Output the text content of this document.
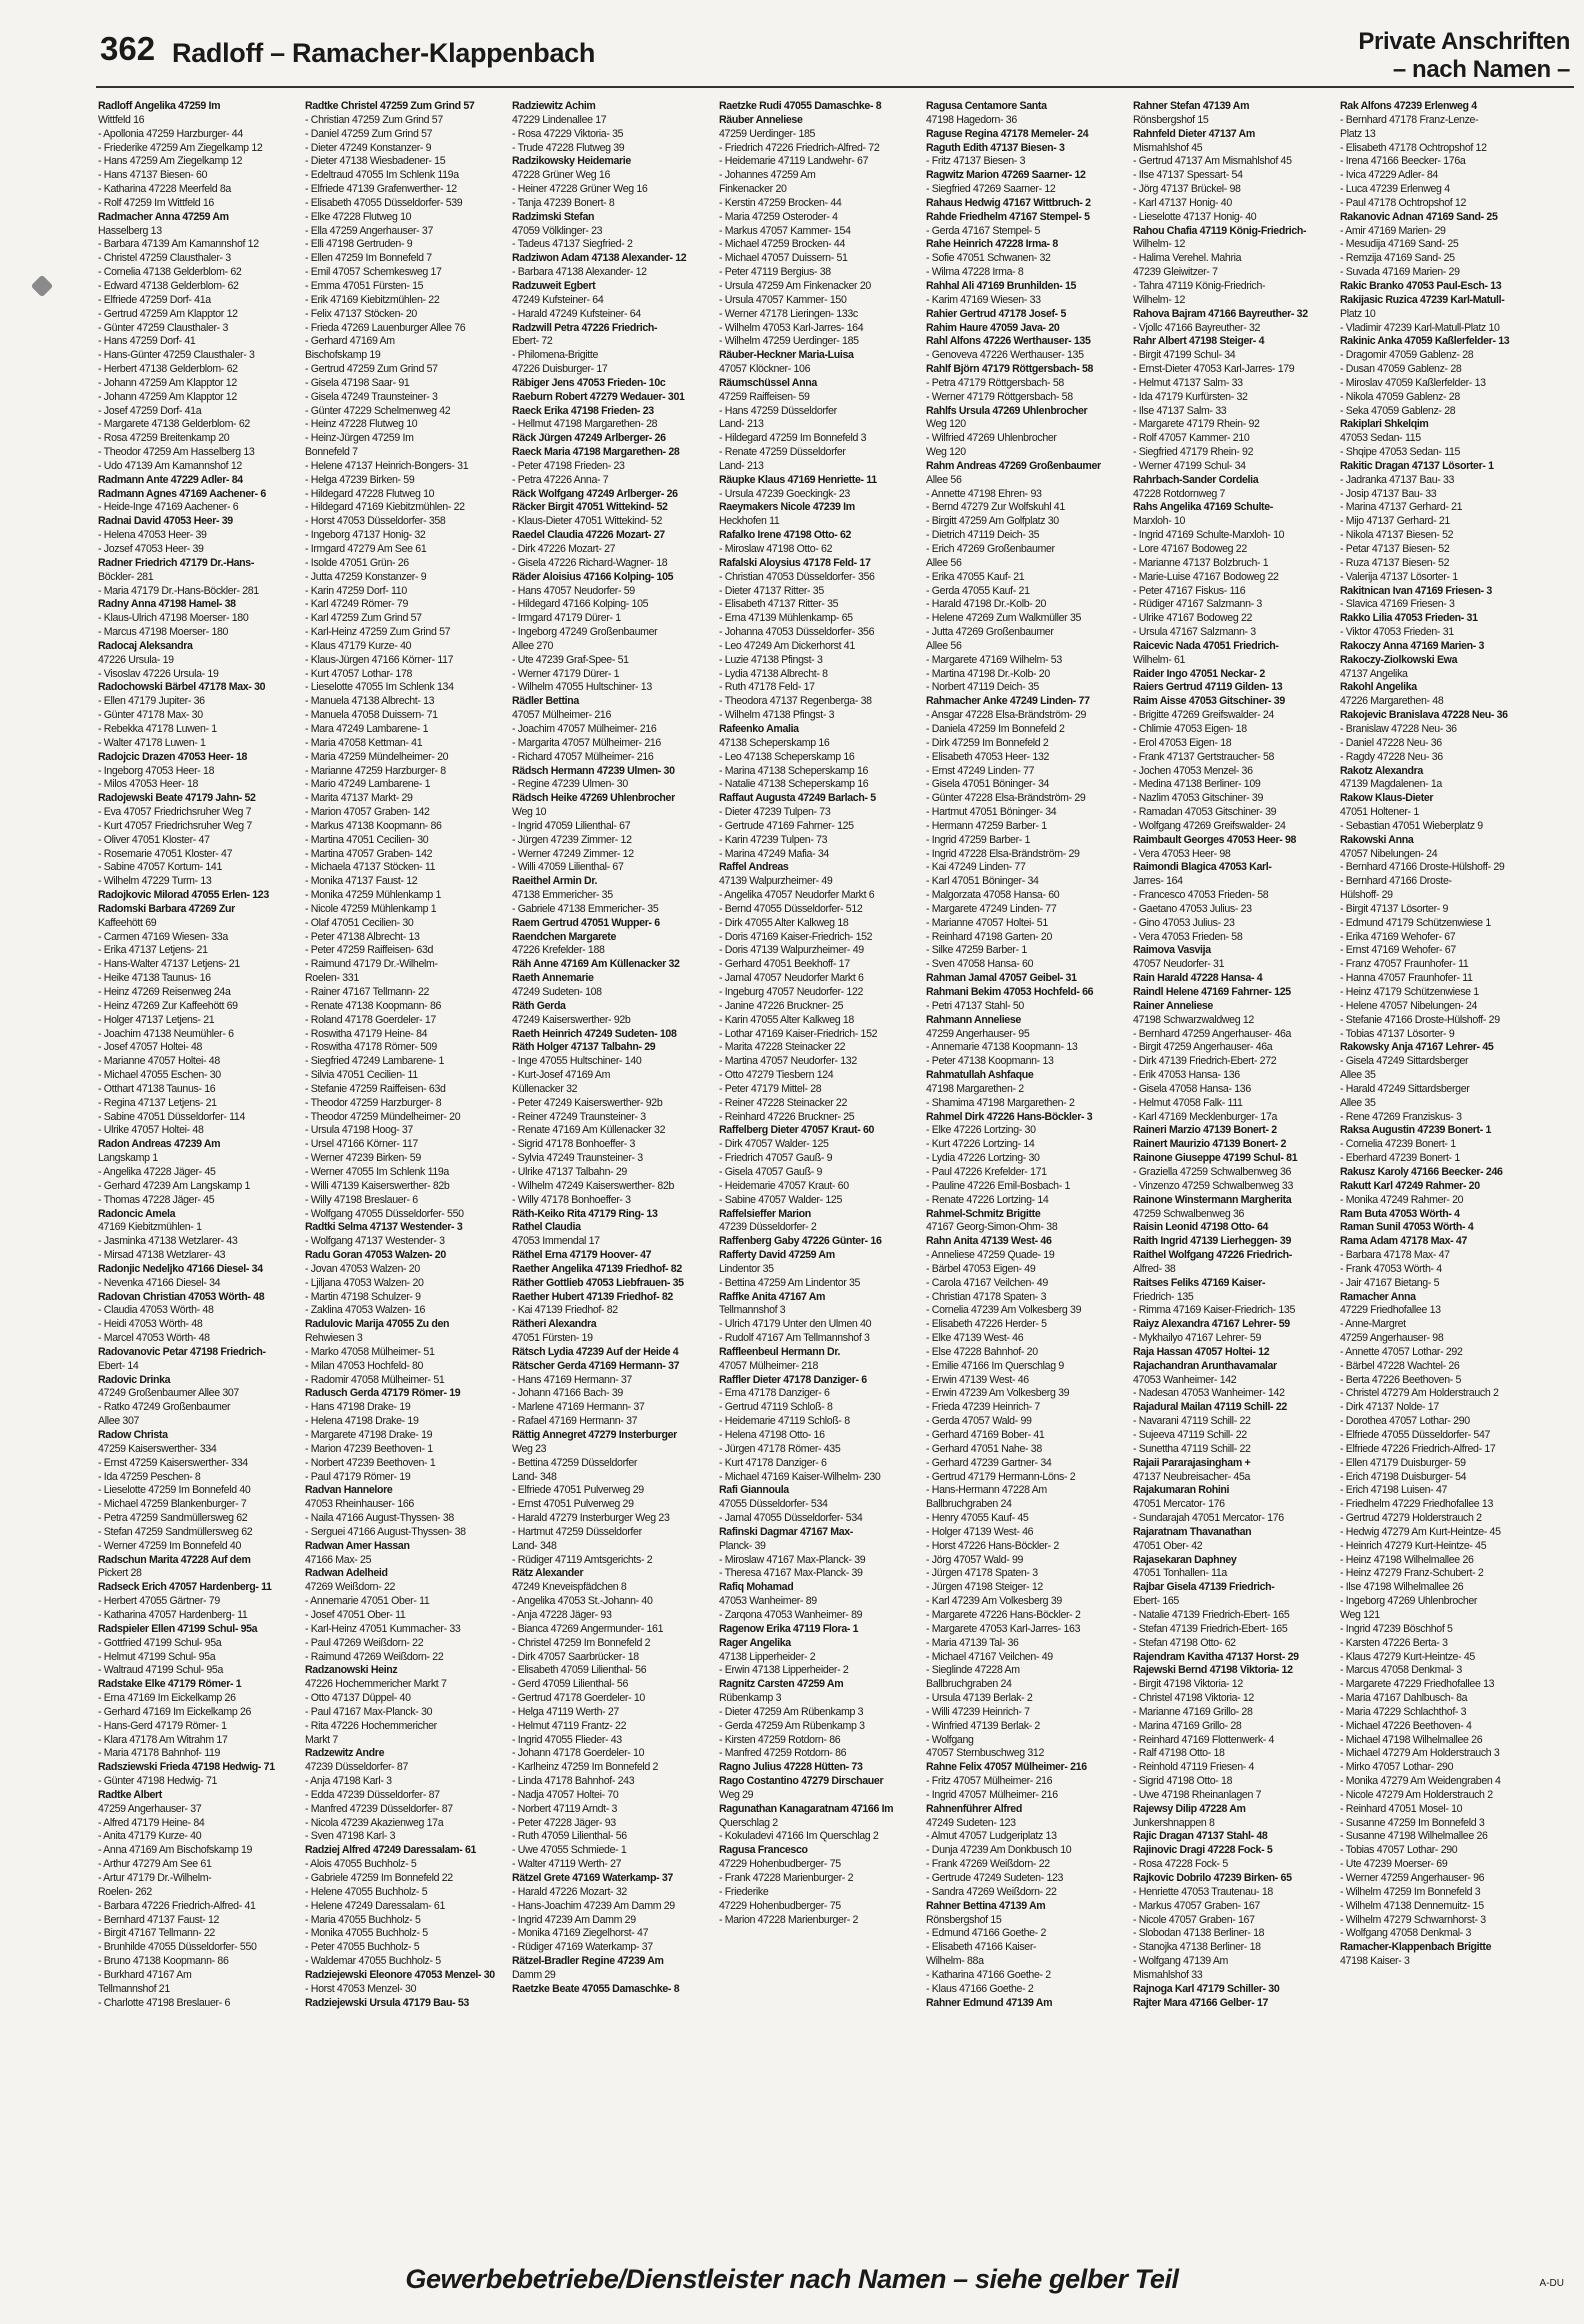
362 Radloff – Ramacher-Klappenbach	Private Anschriften
– nach Namen –
Radloff Angelika 47259 Im
Wittfeld 16
- Apollonia 47259 Harzburger- 44
- Friederike 47259 Am Ziegelkamp 12
- Hans 47259 Am Ziegelkamp 12
- Hans 47137 Biesen- 60
- Katharina 47228 Meerfeld 8a
- Rolf 47259 Im Wittfeld 16
Radmacher Anna 47259 Am
Hasselberg 13
- Barbara 47139 Am Kamannshof 12
- Christel 47259 Clausthaler- 3
- Cornelia 47138 Gelderblom- 62
- Edward 47138 Gelderblom- 62
- Elfriede 47259 Dorf- 41a
- Gertrud 47259 Am Klapptor 12
- Günter 47259 Clausthaler- 3
- Hans 47259 Dorf- 41
- Hans-Günter 47259 Clausthaler- 3
- Herbert 47138 Gelderblom- 62
- Johann 47259 Am Klapptor 12
- Johann 47259 Am Klapptor 12
- Josef 47259 Dorf- 41a
- Margarete 47138 Gelderblom- 62
- Rosa 47259 Breitenkamp 20
- Theodor 47259 Am Hasselberg 13
- Udo 47139 Am Kamannshof 12
Radmann Ante 47229 Adler- 84
Radmann Agnes 47169 Aachener- 6
- Heide-Inge 47169 Aachener- 6
Radnai David 47053 Heer- 39
- Helena 47053 Heer- 39
- Jozsef 47053 Heer- 39
Radner Friedrich 47179 Dr.-Hans-
Böckler- 281
- Maria 47179 Dr.-Hans-Böckler- 281
Radny Anna 47198 Hamel- 38
- Klaus-Ulrich 47198 Moerser- 180
- Marcus 47198 Moerser- 180
Radocaj Aleksandra
47226 Ursula- 19
- Visoslav 47226 Ursula- 19
Radochowski Bärbel 47178 Max- 30
- Ellen 47179 Jupiter- 36
- Günter 47178 Max- 30
- Rebekka 47178 Luwen- 1
- Walter 47178 Luwen- 1
Radojcic Drazen 47053 Heer- 18
- Ingeborg 47053 Heer- 18
- Milos 47053 Heer- 18
Radojewski Beate 47179 Jahn- 52
- Eva 47057 Friedrichsruher Weg 7
- Kurt 47057 Friedrichsruher Weg 7
- Oliver 47051 Kloster- 47
- Rosemarie 47051 Kloster- 47
- Sabine 47057 Kortum- 141
- Wilhelm 47229 Turm- 13
Radojkovic Milorad 47055 Erlen- 123
Radomski Barbara 47269 Zur
Kaffeehött 69
- Carmen 47169 Wiesen- 33a
- Erika 47137 Letjens- 21
- Hans-Walter 47137 Letjens- 21
- Heike 47138 Taunus- 16
- Heinz 47269 Reisenweg 24a
- Heinz 47269 Zur Kaffeehött 69
- Holger 47137 Letjens- 21
- Joachim 47138 Neumühler- 6
- Josef 47057 Holtei- 48
- Marianne 47057 Holtei- 48
- Michael 47055 Eschen- 30
- Otthart 47138 Taunus- 16
- Regina 47137 Letjens- 21
- Sabine 47051 Düsseldorfer- 114
- Ulrike 47057 Holtei- 48
Radon Andreas 47239 Am
Langskamp 1
- Angelika 47228 Jäger- 45
- Gerhard 47239 Am Langskamp 1
- Thomas 47228 Jäger- 45
Radoncic Amela
47169 Kiebitzmühlen- 1
- Jasminka 47138 Wetzlarer- 43
- Mirsad 47138 Wetzlarer- 43
Radonjic Nedeljko 47166 Diesel- 34
- Nevenka 47166 Diesel- 34
Radovan Christian 47053 Wörth- 48
- Claudia 47053 Wörth- 48
- Heidi 47053 Wörth- 48
- Marcel 47053 Wörth- 48
Radovanovic Petar 47198 Friedrich-
Ebert- 14
Radovic Drinka
47249 Großenbaumer Allee 307
- Ratko 47249 Großenbaumer
Allee 307
Radow Christa
47259 Kaiserswerther- 334
- Ernst 47259 Kaiserswerther- 334
- Ida 47259 Peschen- 8
- Lieselotte 47259 Im Bonnefeld 40
- Michael 47259 Blankenburger- 7
- Petra 47259 Sandmüllersweg 62
- Stefan 47259 Sandmüllersweg 62
- Werner 47259 Im Bonnefeld 40
Radschun Marita 47228 Auf dem
Pickert 28
Radseck Erich 47057 Hardenberg- 11
- Herbert 47055 Gärtner- 79
- Katharina 47057 Hardenberg- 11
Radspieler Ellen 47199 Schul- 95a
- Gottfried 47199 Schul- 95a
- Helmut 47199 Schul- 95a
- Waltraud 47199 Schul- 95a
Radstake Elke 47179 Römer- 1
- Erna 47169 Im Eickelkamp 26
- Gerhard 47169 Im Eickelkamp 26
- Hans-Gerd 47179 Römer- 1
- Klara 47178 Am Witrahm 17
- Maria 47178 Bahnhof- 119
Radsziewski Frieda 47198 Hedwig- 71
- Günter 47198 Hedwig- 71
Radtke Albert
47259 Angerhauser- 37
- Alfred 47179 Heine- 84
- Anita 47179 Kurze- 40
- Anna 47169 Am Bischofskamp 19
- Arthur 47279 Am See 61
- Artur 47179 Dr.-Wilhelm-
Roelen- 262
- Barbara 47226 Friedrich-Alfred- 41
- Bernhard 47137 Faust- 12
- Birgit 47167 Tellmann- 22
- Brunhilde 47055 Düsseldorfer- 550
- Bruno 47138 Koopmann- 86
- Burkhard 47167 Am
Tellmannshof 21
- Charlotte 47198 Breslauer- 6
Radtke Christel 47259 Zum Grind 57
- Christian 47259 Zum Grind 57
- Daniel 47259 Zum Grind 57
- Dieter 47249 Konstanzer- 9
- Dieter 47138 Wiesbadener- 15
- Edeltraud 47055 Im Schlenk 119a
- Elfriede 47139 Grafenwerther- 12
- Elisabeth 47055 Düsseldorfer- 539
- Elke 47228 Flutweg 10
- Ella 47259 Angerhauser- 37
- Elli 47198 Gertruden- 9
- Ellen 47259 Im Bonnefeld 7
- Emil 47057 Schemkesweg 17
- Emma 47051 Fürsten- 15
- Erik 47169 Kiebitzmühlen- 22
- Felix 47137 Stöcken- 20
- Frieda 47269 Lauenburger Allee 76
- Gerhard 47169 Am
Bischofskamp 19
- Gertrud 47259 Zum Grind 57
- Gisela 47198 Saar- 91
- Gisela 47249 Traunsteiner- 3
- Günter 47229 Schelmenweg 42
- Heinz 47228 Flutweg 10
- Heinz-Jürgen 47259 Im
Bonnefeld 7
- Helene 47137 Heinrich-Bongers- 31
- Helga 47239 Birken- 59
- Hildegard 47228 Flutweg 10
- Hildegard 47169 Kiebitzmühlen- 22
- Horst 47053 Düsseldorfer- 358
- Ingeborg 47137 Honig- 32
- Irmgard 47279 Am See 61
- Isolde 47051 Grün- 26
- Jutta 47259 Konstanzer- 9
- Karin 47259 Dorf- 110
- Karl 47249 Römer- 79
- Karl 47259 Zum Grind 57
- Karl-Heinz 47259 Zum Grind 57
- Klaus 47179 Kurze- 40
- Klaus-Jürgen 47166 Körner- 117
- Kurt 47057 Lothar- 178
- Lieselotte 47055 Im Schlenk 134
- Manuela 47138 Albrecht- 13
- Manuela 47058 Duissern- 71
- Mara 47249 Lambarene- 1
- Maria 47058 Kettman- 41
- Maria 47259 Mündelheimer- 20
- Marianne 47259 Harzburger- 8
- Mario 47249 Lambarene- 1
- Marita 47137 Markt- 29
- Marion 47057 Graben- 142
- Markus 47138 Koopmann- 86
- Martina 47051 Cecilien- 30
- Martina 47057 Graben- 142
- Michaela 47137 Stöcken- 11
- Monika 47137 Faust- 12
- Monika 47259 Mühlenkamp 1
- Nicole 47259 Mühlenkamp 1
- Olaf 47051 Cecilien- 30
- Peter 47138 Albrecht- 13
- Peter 47259 Raiffeisen- 63d
- Raimund 47179 Dr.-Wilhelm-
Roelen- 331
- Rainer 47167 Tellmann- 22
- Renate 47138 Koopmann- 86
- Roland 47178 Goerdeler- 17
- Roswitha 47179 Heine- 84
- Roswitha 47178 Römer- 509
- Siegfried 47249 Lambarene- 1
- Silvia 47051 Cecilien- 11
- Stefanie 47259 Raiffeisen- 63d
- Theodor 47259 Harzburger- 8
- Theodor 47259 Mündelheimer- 20
- Ursula 47198 Hoog- 37
- Ursel 47166 Körner- 117
- Werner 47239 Birken- 59
- Werner 47055 Im Schlenk 119a
- Willi 47139 Kaiserswerther- 82b
- Willy 47198 Breslauer- 6
- Wolfgang 47055 Düsseldorfer- 550
Radtki Selma 47137 Westender- 3
- Wolfgang 47137 Westender- 3
Radu Goran 47053 Walzen- 20
- Jovan 47053 Walzen- 20
- Ljiljana 47053 Walzen- 20
- Martin 47198 Schulzer- 9
- Zaklina 47053 Walzen- 16
Radulovic Marija 47055 Zu den
Rehwiesen 3
- Marko 47058 Mülheimer- 51
- Milan 47053 Hochfeld- 80
- Radomir 47058 Mülheimer- 51
Radusch Gerda 47179 Römer- 19
- Hans 47198 Drake- 19
- Helena 47198 Drake- 19
- Margarete 47198 Drake- 19
- Marion 47239 Beethoven- 1
- Norbert 47239 Beethoven- 1
- Paul 47179 Römer- 19
Radvan Hannelore
47053 Rheinhauser- 166
- Naila 47166 August-Thyssen- 38
- Serguei 47166 August-Thyssen- 38
Radwan Amer Hassan
47166 Max- 25
Radwan Adelheid
47269 Weißdorn- 22
- Annemarie 47051 Ober- 11
- Josef 47051 Ober- 11
- Karl-Heinz 47051 Kummacher- 33
- Paul 47269 Weißdorn- 22
- Raimund 47269 Weißdorn- 22
Radzanowski Heinz
47226 Hochemmericher Markt 7
- Otto 47137 Düppel- 40
- Paul 47167 Max-Planck- 30
- Rita 47226 Hochemmericher
Markt 7
Radzewitz Andre
47239 Düsseldorfer- 87
- Anja 47198 Karl- 3
- Edda 47239 Düsseldorfer- 87
- Manfred 47239 Düsseldorfer- 87
- Nicola 47239 Akazienweg 17a
- Sven 47198 Karl- 3
Radziej Alfred 47249 Daressalam- 61
- Alois 47055 Buchholz- 5
- Gabriele 47259 Im Bonnefeld 22
- Helene 47055 Buchholz- 5
- Helene 47249 Daressalam- 61
- Maria 47055 Buchholz- 5
- Monika 47055 Buchholz- 5
- Peter 47055 Buchholz- 5
- Waldemar 47055 Buchholz- 5
Radziejewski Eleonore 47053 Menzel- 30
- Horst 47053 Menzel- 30
Radziejewski Ursula 47179 Bau- 53
Radziewitz Achim
47229 Lindenallee 17
- Rosa 47229 Viktoria- 35
- Trude 47228 Flutweg 39
Radzikowsky Heidemarie
47228 Grüner Weg 16
- Heiner 47228 Grüner Weg 16
- Tanja 47239 Bonert- 8
Radzimski Stefan
47059 Völklinger- 23
- Tadeus 47137 Siegfried- 2
Radziwon Adam 47138 Alexander- 12
- Barbara 47138 Alexander- 12
Radzuweit Egbert
47249 Kufsteiner- 64
- Harald 47249 Kufsteiner- 64
Radzwill Petra 47226 Friedrich-
Ebert- 72
- Philomena-Brigitte
47226 Duisburger- 17
Räbiger Jens 47053 Frieden- 10c
Raeburn Robert 47279 Wedauer- 301
Raeck Erika 47198 Frieden- 23
- Hellmut 47198 Margarethen- 28
Räck Jürgen 47249 Arlberger- 26
Raeck Maria 47198 Margarethen- 28
- Peter 47198 Frieden- 23
- Petra 47226 Anna- 7
Räck Wolfgang 47249 Arlberger- 26
Räcker Birgit 47051 Wittekind- 52
- Klaus-Dieter 47051 Wittekind- 52
Raedel Claudia 47226 Mozart- 27
- Dirk 47226 Mozart- 27
- Gisela 47226 Richard-Wagner- 18
Räder Aloisius 47166 Kolping- 105
- Hans 47057 Neudorfer- 59
- Hildegard 47166 Kolping- 105
- Irmgard 47179 Dürer- 1
- Ingeborg 47249 Großenbaumer
Allee 270
- Ute 47239 Graf-Spee- 51
- Werner 47179 Dürer- 1
- Wilhelm 47055 Hultschiner- 13
Rädler Bettina
47057 Mülheimer- 216
- Joachim 47057 Mülheimer- 216
- Margarita 47057 Mülheimer- 216
- Richard 47057 Mülheimer- 216
Rädsch Hermann 47239 Ulmen- 30
- Regine 47239 Ulmen- 30
Rädsch Heike 47269 Uhlenbrocher
Weg 10
- Ingrid 47059 Lilienthal- 67
- Jürgen 47239 Zimmer- 12
- Werner 47249 Zimmer- 12
- Willi 47059 Lilienthal- 67
Raeithel Armin Dr.
47138 Emmericher- 35
- Gabriele 47138 Emmericher- 35
Raem Gertrud 47051 Wupper- 6
Raendchen Margarete
47226 Krefelder- 188
Räh Anne 47169 Am Küllenacker 32
Raeth Annemarie
47249 Sudeten- 108
Räth Gerda
47249 Kaiserswerther- 92b
Raeth Heinrich 47249 Sudeten- 108
Räth Holger 47137 Talbahn- 29
- Inge 47055 Hultschiner- 140
- Kurt-Josef 47169 Am
Küllenacker 32
- Peter 47249 Kaiserswerther- 92b
- Reiner 47249 Traunsteiner- 3
- Renate 47169 Am Küllenacker 32
- Sigrid 47178 Bonhoeffer- 3
- Sylvia 47249 Traunsteiner- 3
- Ulrike 47137 Talbahn- 29
- Wilhelm 47249 Kaiserswerther- 82b
- Willy 47178 Bonhoeffer- 3
Räth-Keiko Rita 47179 Ring- 13
Rathel Claudia
47053 Immendal 17
Räthel Erna 47179 Hoover- 47
Raether Angelika 47139 Friedhof- 82
Räther Gottlieb 47053 Liebfrauen- 35
Raether Hubert 47139 Friedhof- 82
- Kai 47139 Friedhof- 82
Rätheri Alexandra
47051 Fürsten- 19
Rätsch Lydia 47239 Auf der Heide 4
Rätscher Gerda 47169 Hermann- 37
- Hans 47169 Hermann- 37
- Johann 47166 Bach- 39
- Marlene 47169 Hermann- 37
- Rafael 47169 Hermann- 37
Rättig Annegret 47279 Insterburger
Weg 23
- Bettina 47259 Düsseldorfer
Land- 348
- Elfriede 47051 Pulverweg 29
- Ernst 47051 Pulverweg 29
- Harald 47279 Insterburger Weg 23
- Hartmut 47259 Düsseldorfer
Land- 348
- Rüdiger 47119 Amtsgerichts- 2
Rätz Alexander
47249 Kneveispfädchen 8
- Angelika 47053 St.-Johann- 40
- Anja 47228 Jäger- 93
- Bianca 47269 Angermunder- 161
- Christel 47259 Im Bonnefeld 2
- Dirk 47057 Saarbrücker- 18
- Elisabeth 47059 Lilienthal- 56
- Gerd 47059 Lilienthal- 56
- Gertrud 47178 Goerdeler- 10
- Helga 47119 Werth- 27
- Helmut 47119 Frantz- 22
- Ingrid 47055 Flieder- 43
- Johann 47178 Goerdeler- 10
- Karlheinz 47259 Im Bonnefeld 2
- Linda 47178 Bahnhof- 243
- Nadja 47057 Holtei- 70
- Norbert 47119 Arndt- 3
- Peter 47228 Jäger- 93
- Ruth 47059 Lilienthal- 56
- Uwe 47055 Schmiede- 1
- Walter 47119 Werth- 27
Rätzel Grete 47169 Waterkamp- 37
- Harald 47226 Mozart- 32
- Hans-Joachim 47239 Am Damm 29
- Ingrid 47239 Am Damm 29
- Monika 47169 Ziegelhorst- 47
- Rüdiger 47169 Waterkamp- 37
Rätzel-Bradler Regine 47239 Am
Damm 29
Raetzke Beate 47055 Damaschke- 8
Raetzke Rudi 47055 Damaschke- 8
Räuber Anneliese
47259 Uerdinger- 185
- Friedrich 47226 Friedrich-Alfred- 72
- Heidemarie 47119 Landwehr- 67
- Johannes 47259 Am
Finkenacker 20
- Kerstin 47259 Brocken- 44
- Maria 47259 Osteroder- 4
- Markus 47057 Kammer- 154
- Michael 47259 Brocken- 44
- Michael 47057 Duissern- 51
- Peter 47119 Bergius- 38
- Ursula 47259 Am Finkenacker 20
- Ursula 47057 Kammer- 150
- Werner 47178 Lieringen- 133c
- Wilhelm 47053 Karl-Jarres- 164
- Wilhelm 47259 Uerdinger- 185
Räuber-Heckner Maria-Luisa
47057 Klöckner- 106
Räumschüssel Anna
47259 Raiffeisen- 59
- Hans 47259 Düsseldorfer
Land- 213
- Hildegard 47259 Im Bonnefeld 3
- Renate 47259 Düsseldorfer
Land- 213
Räupke Klaus 47169 Henriette- 11
- Ursula 47239 Goeckingk- 23
Raeymakers Nicole 47239 Im
Heckhofen 11
Rafalko Irene 47198 Otto- 62
- Miroslaw 47198 Otto- 62
Rafalski Aloysius 47178 Feld- 17
- Christian 47053 Düsseldorfer- 356
- Dieter 47137 Ritter- 35
- Elisabeth 47137 Ritter- 35
- Erna 47139 Mühlenkamp- 65
- Johanna 47053 Düsseldorfer- 356
- Leo 47249 Am Dickerhorst 41
- Luzie 47138 Pfingst- 3
- Lydia 47138 Albrecht- 8
- Ruth 47178 Feld- 17
- Theodora 47137 Regenberga- 38
- Wilhelm 47138 Pfingst- 3
Rafeenko Amalia
47138 Scheperskamp 16
- Leo 47138 Scheperskamp 16
- Marina 47138 Scheperskamp 16
- Natalie 47138 Scheperskamp 16
Raffaut Augusta 47249 Barlach- 5
- Dieter 47239 Tulpen- 73
- Gertrude 47169 Fahrner- 125
- Karin 47239 Tulpen- 73
- Marina 47249 Mafia- 34
Raffel Andreas
47139 Walpurzheimer- 49
- Angelika 47057 Neudorfer Markt 6
- Bernd 47055 Düsseldorfer- 512
- Dirk 47055 Alter Kalkweg 18
- Doris 47169 Kaiser-Friedrich- 152
- Doris 47139 Walpurzheimer- 49
- Gerhard 47051 Beekhoff- 17
- Jamal 47057 Neudorfer Markt 6
- Ingeburg 47057 Neudorfer- 122
- Janine 47226 Bruckner- 25
- Karin 47055 Alter Kalkweg 18
- Lothar 47169 Kaiser-Friedrich- 152
- Marita 47228 Steinacker 22
- Martina 47057 Neudorfer- 132
- Otto 47279 Tiesbern 124
- Peter 47179 Mittel- 28
- Reiner 47228 Steinacker 22
- Reinhard 47226 Bruckner- 25
Raffelberg Dieter 47057 Kraut- 60
- Dirk 47057 Walder- 125
- Friedrich 47057 Gauß- 9
- Gisela 47057 Gauß- 9
- Heidemarie 47057 Kraut- 60
- Sabine 47057 Walder- 125
Raffelsieffer Marion
47239 Düsseldorfer- 2
Raffenberg Gaby 47226 Günter- 16
Rafferty David 47259 Am
Lindentor 35
- Bettina 47259 Am Lindentor 35
Raffke Anita 47167 Am
Tellmannshof 3
- Ulrich 47179 Unter den Ulmen 40
- Rudolf 47167 Am Tellmannshof 3
Raffleenbeul Hermann Dr.
47057 Mülheimer- 218
Raffler Dieter 47178 Danziger- 6
- Erna 47178 Danziger- 6
- Gertrud 47119 Schloß- 8
- Heidemarie 47119 Schloß- 8
- Helena 47198 Otto- 16
- Jürgen 47178 Römer- 435
- Kurt 47178 Danziger- 6
- Michael 47169 Kaiser-Wilhelm- 230
Rafi Giannoula
47055 Düsseldorfer- 534
- Jamal 47055 Düsseldorfer- 534
Rafinski Dagmar 47167 Max-
Planck- 39
- Miroslaw 47167 Max-Planck- 39
- Theresa 47167 Max-Planck- 39
Rafiq Mohamad
47053 Wanheimer- 89
- Zarqona 47053 Wanheimer- 89
Ragenow Erika 47119 Flora- 1
Rager Angelika
47138 Lipperheider- 2
- Erwin 47138 Lipperheider- 2
Ragnitz Carsten 47259 Am
Rübenkamp 3
- Dieter 47259 Am Rübenkamp 3
- Gerda 47259 Am Rübenkamp 3
- Kirsten 47259 Rotdorn- 86
- Manfred 47259 Rotdorn- 86
Ragno Julius 47228 Hütten- 73
Rago Costantino 47279 Dirschauer
Weg 29
Ragunathan Kanagaratnam 47166 Im
Querschlag 2
- Kokuladevi 47166 Im Querschlag 2
Ragusa Francesco
47229 Hohenbudberger- 75
- Frank 47228 Marienburger- 2
- Friederike
47229 Hohenbudberger- 75
- Marion 47228 Marienburger- 2
Ragusa Centamore Santa
47198 Hagedorn- 36
Raguse Regina 47178 Memeler- 24
Raguth Edith 47137 Biesen- 3
- Fritz 47137 Biesen- 3
Ragwitz Marion 47269 Saarner- 12
- Siegfried 47269 Saarner- 12
Rahaus Hedwig 47167 Wittbruch- 2
Rahde Friedhelm 47167 Stempel- 5
- Gerda 47167 Stempel- 5
Rahe Heinrich 47228 Irma- 8
- Sofie 47051 Schwanen- 32
- Wilma 47228 Irma- 8
Rahhal Ali 47169 Brunhilden- 15
- Karim 47169 Wiesen- 33
Rahier Gertrud 47178 Josef- 5
Rahim Haure 47059 Java- 20
Rahl Alfons 47226 Werthauser- 135
- Genoveva 47226 Werthauser- 135
Rahlf Björn 47179 Röttgersbach- 58
- Petra 47179 Röttgersbach- 58
- Werner 47179 Röttgersbach- 58
Rahlfs Ursula 47269 Uhlenbrocher
Weg 120
- Wilfried 47269 Uhlenbrocher
Weg 120
Rahm Andreas 47269 Großenbaumer
Allee 56
- Annette 47198 Ehren- 93
- Bernd 47279 Zur Wolfskuhl 41
- Birgitt 47259 Am Golfplatz 30
- Dietrich 47119 Deich- 35
- Erich 47269 Großenbaumer
Allee 56
- Erika 47055 Kauf- 21
- Gerda 47055 Kauf- 21
- Harald 47198 Dr.-Kolb- 20
- Helene 47269 Zum Walkmüller 35
- Jutta 47269 Großenbaumer
Allee 56
- Margarete 47169 Wilhelm- 53
- Martina 47198 Dr.-Kolb- 20
- Norbert 47119 Deich- 35
Rahmacher Anke 47249 Linden- 77
- Ansgar 47228 Elsa-Brändström- 29
- Daniela 47259 Im Bonnefeld 2
- Dirk 47259 Im Bonnefeld 2
- Elisabeth 47053 Heer- 132
- Ernst 47249 Linden- 77
- Gisela 47051 Böninger- 34
- Günter 47228 Elsa-Brändström- 29
- Hartmut 47051 Böninger- 34
- Hermann 47259 Barber- 1
- Ingrid 47259 Barber- 1
- Ingrid 47228 Elsa-Brändström- 29
- Kai 47249 Linden- 77
- Karl 47051 Böninger- 34
- Malgorzata 47058 Hansa- 60
- Margarete 47249 Linden- 77
- Marianne 47057 Holtei- 51
- Reinhard 47198 Garten- 20
- Silke 47259 Barber- 1
- Sven 47058 Hansa- 60
Rahman Jamal 47057 Geibel- 31
Rahmani Bekim 47053 Hochfeld- 66
- Petri 47137 Stahl- 50
Rahmann Anneliese
47259 Angerhauser- 95
- Annemarie 47138 Koopmann- 13
- Peter 47138 Koopmann- 13
Rahmatullah Ashfaque
47198 Margarethen- 2
- Shamima 47198 Margarethen- 2
Rahmel Dirk 47226 Hans-Böckler- 3
- Elke 47226 Lortzing- 30
- Kurt 47226 Lortzing- 14
- Lydia 47226 Lortzing- 30
- Paul 47226 Krefelder- 171
- Pauline 47226 Emil-Bosbach- 1
- Renate 47226 Lortzing- 14
Rahmel-Schmitz Brigitte
47167 Georg-Simon-Ohm- 38
Rahn Anita 47139 West- 46
- Anneliese 47259 Quade- 19
- Bärbel 47053 Eigen- 49
- Carola 47167 Veilchen- 49
- Christian 47178 Spaten- 3
- Cornelia 47239 Am Volkesberg 39
- Elisabeth 47226 Herder- 5
- Elke 47139 West- 46
- Else 47228 Bahnhof- 20
- Emilie 47166 Im Querschlag 9
- Erwin 47139 West- 46
- Erwin 47239 Am Volkesberg 39
- Frieda 47239 Heinrich- 7
- Gerda 47057 Wald- 99
- Gerhard 47169 Bober- 41
- Gerhard 47051 Nahe- 38
- Gerhard 47239 Gartner- 34
- Gertrud 47179 Hermann-Löns- 2
- Hans-Hermann 47228 Am
Ballbruchgraben 24
- Henry 47055 Kauf- 45
- Holger 47139 West- 46
- Horst 47226 Hans-Böckler- 2
- Jörg 47057 Wald- 99
- Jürgen 47178 Spaten- 3
- Jürgen 47198 Steiger- 12
- Karl 47239 Am Volkesberg 39
- Margarete 47226 Hans-Böckler- 2
- Margarete 47053 Karl-Jarres- 163
- Maria 47139 Tal- 36
- Michael 47167 Veilchen- 49
- Sieglinde 47228 Am
Ballbruchgraben 24
- Ursula 47139 Berlak- 2
- Willi 47239 Heinrich- 7
- Winfried 47139 Berlak- 2
- Wolfgang
47057 Sternbuschweg 312
Rahne Felix 47057 Mülheimer- 216
- Fritz 47057 Mülheimer- 216
- Ingrid 47057 Mülheimer- 216
Rahnenführer Alfred
47249 Sudeten- 123
- Almut 47057 Ludgeriplatz 13
- Dunja 47239 Am Donkbusch 10
- Frank 47269 Weißdorn- 22
- Gertrude 47249 Sudeten- 123
- Sandra 47269 Weißdorn- 22
Rahner Bettina 47139 Am
Rönsbergshof 15
- Edmund 47166 Goethe- 2
- Elisabeth 47166 Kaiser-
Wilhelm- 88a
- Katharina 47166 Goethe- 2
- Klaus 47166 Goethe- 2
Rahner Edmund 47139 Am
Rahner Stefan 47139 Am
Rönsbergshof 15
Rahnfeld Dieter 47137 Am
Mismahlshof 45
- Gertrud 47137 Am Mismahlshof 45
- Ilse 47137 Spessart- 54
- Jörg 47137 Brückel- 98
- Karl 47137 Honig- 40
- Lieselotte 47137 Honig- 40
Rahou Chafia 47119 König-Friedrich-
Wilhelm- 12
- Halima Verehel. Mahria
47239 Gleiwitzer- 7
- Tahra 47119 König-Friedrich-
Wilhelm- 12
Rahova Bajram 47166 Bayreuther- 32
- Vjollc 47166 Bayreuther- 32
Rahr Albert 47198 Steiger- 4
- Birgit 47199 Schul- 34
- Ernst-Dieter 47053 Karl-Jarres- 179
- Helmut 47137 Salm- 33
- Ida 47179 Kurfürsten- 32
- Ilse 47137 Salm- 33
- Margarete 47179 Rhein- 92
- Rolf 47057 Kammer- 210
- Siegfried 47179 Rhein- 92
- Werner 47199 Schul- 34
Rahrbach-Sander Cordelia
47228 Rotdornweg 7
Rahs Angelika 47169 Schulte-
Marxloh- 10
- Ingrid 47169 Schulte-Marxloh- 10
- Lore 47167 Bodoweg 22
- Marianne 47137 Bolzbruch- 1
- Marie-Luise 47167 Bodoweg 22
- Peter 47167 Fiskus- 116
- Rüdiger 47167 Salzmann- 3
- Ulrike 47167 Bodoweg 22
- Ursula 47167 Salzmann- 3
Raicevic Nada 47051 Friedrich-
Wilhelm- 61
Raider Ingo 47051 Neckar- 2
Raiers Gertrud 47119 Gilden- 13
Raim Aisse 47053 Gitschiner- 39
- Brigitte 47269 Greifswalder- 24
- Chlimie 47053 Eigen- 18
- Erol 47053 Eigen- 18
- Frank 47137 Gertstraucher- 58
- Jochen 47053 Menzel- 36
- Medina 47138 Berliner- 109
- Nazlim 47053 Gitschiner- 39
- Ramadan 47053 Gitschiner- 39
- Wolfgang 47269 Greifswalder- 24
Raimbault Georges 47053 Heer- 98
- Vera 47053 Heer- 98
Raimondi Blagica 47053 Karl-
Jarres- 164
- Francesco 47053 Frieden- 58
- Gaetano 47053 Julius- 23
- Gino 47053 Julius- 23
- Vera 47053 Frieden- 58
Raimova Vasvija
47057 Neudorfer- 31
Rain Harald 47228 Hansa- 4
Raindl Helene 47169 Fahrner- 125
Rainer Anneliese
47198 Schwarzwaldweg 12
- Bernhard 47259 Angerhauser- 46a
- Birgit 47259 Angerhauser- 46a
- Dirk 47139 Friedrich-Ebert- 272
- Erik 47053 Hansa- 136
- Gisela 47058 Hansa- 136
- Helmut 47058 Falk- 111
- Karl 47169 Mecklenburger- 17a
Raineri Marzio 47139 Bonert- 2
Rainert Maurizio 47139 Bonert- 2
Rainone Giuseppe 47199 Schul- 81
- Graziella 47259 Schwalbenweg 36
- Vinzenzo 47259 Schwalbenweg 33
Rainone Winstermann Margherita
47259 Schwalbenweg 36
Raisin Leonid 47198 Otto- 64
Raith Ingrid 47139 Lierheggen- 39
Raithel Wolfgang 47226 Friedrich-
Alfred- 38
Raitses Feliks 47169 Kaiser-
Friedrich- 135
- Rimma 47169 Kaiser-Friedrich- 135
Raiyz Alexandra 47167 Lehrer- 59
- Mykhailyo 47167 Lehrer- 59
Raja Hassan 47057 Holtei- 12
Rajachandran Arunthavamalar
47053 Wanheimer- 142
- Nadesan 47053 Wanheimer- 142
Rajadural Mailan 47119 Schill- 22
- Navarani 47119 Schill- 22
- Sujeeva 47119 Schill- 22
- Sunettha 47119 Schill- 22
Rajaii Pararajasingham +
47137 Neubreisacher- 45a
Rajakumaran Rohini
47051 Mercator- 176
- Sundarajah 47051 Mercator- 176
Rajaratnam Thavanathan
47051 Ober- 42
Rajasekaran Daphney
47051 Tonhallen- 11a
Rajbar Gisela 47139 Friedrich-
Ebert- 165
- Natalie 47139 Friedrich-Ebert- 165
- Stefan 47139 Friedrich-Ebert- 165
- Stefan 47198 Otto- 62
Rajendram Kavitha 47137 Horst- 29
Rajewski Bernd 47198 Viktoria- 12
- Birgit 47198 Viktoria- 12
- Christel 47198 Viktoria- 12
- Marianne 47169 Grillo- 28
- Marina 47169 Grillo- 28
- Reinhard 47169 Flottenwerk- 4
- Ralf 47198 Otto- 18
- Reinhold 47119 Friesen- 4
- Sigrid 47198 Otto- 18
- Uwe 47198 Rheinanlagen 7
Rajewsy Dilip 47228 Am
Junkershnappen 8
Rajic Dragan 47137 Stahl- 48
Rajinovic Dragi 47228 Fock- 5
- Rosa 47228 Fock- 5
Rajkovic Dobrilo 47239 Birken- 65
- Henriette 47053 Trautenau- 18
- Markus 47057 Graben- 167
- Nicole 47057 Graben- 167
- Slobodan 47138 Berliner- 18
- Stanojka 47138 Berliner- 18
- Wolfgang 47139 Am
Mismahlshof 33
Rajnoga Karl 47179 Schiller- 30
Rajter Mara 47166 Gelber- 17
Rak Alfons 47239 Erlenweg 4
- Bernhard 47178 Franz-Lenze-
Platz 13
- Elisabeth 47178 Ochtropshof 12
- Irena 47166 Beecker- 176a
- Ivica 47229 Adler- 84
- Luca 47239 Erlenweg 4
- Paul 47178 Ochtropshof 12
Rakanovic Adnan 47169 Sand- 25
- Amir 47169 Marien- 29
- Mesudija 47169 Sand- 25
- Remzija 47169 Sand- 25
- Suvada 47169 Marien- 29
Rakic Branko 47053 Paul-Esch- 13
Rakijasic Ruzica 47239 Karl-Matull-
Platz 10
- Vladimir 47239 Karl-Matull-Platz 10
Rakinic Anka 47059 Kaßlerfelder- 13
- Dragomir 47059 Gablenz- 28
- Dusan 47059 Gablenz- 28
- Miroslav 47059 Kaßlerfelder- 13
- Nikola 47059 Gablenz- 28
- Seka 47059 Gablenz- 28
Rakiplari Shkelqim
47053 Sedan- 115
- Shqipe 47053 Sedan- 115
Rakitic Dragan 47137 Lösorter- 1
- Jadranka 47137 Bau- 33
- Josip 47137 Bau- 33
- Marina 47137 Gerhard- 21
- Mijo 47137 Gerhard- 21
- Nikola 47137 Biesen- 52
- Petar 47137 Biesen- 52
- Ruza 47137 Biesen- 52
- Valerija 47137 Lösorter- 1
Rakitnican Ivan 47169 Friesen- 3
- Slavica 47169 Friesen- 3
Rakko Lilia 47053 Frieden- 31
- Viktor 47053 Frieden- 31
Rakoczy Anna 47169 Marien- 3
Rakoczy-Ziolkowski Ewa
47137 Angelika
Rakohl Angelika
47226 Margarethen- 48
Rakojevic Branislava 47228 Neu- 36
- Branislaw 47228 Neu- 36
- Daniel 47228 Neu- 36
- Ragdy 47228 Neu- 36
Rakotz Alexandra
47139 Magdalenen- 1a
Rakow Klaus-Dieter
47051 Holtener- 1
- Sebastian 47051 Wieberplatz 9
Rakowski Anna
47057 Nibelungen- 24
- Bernhard 47166 Droste-Hülshoff- 29
- Bernhard 47166 Droste-
Hülshoff- 29
- Birgit 47137 Lösorter- 9
- Edmund 47179 Schützenwiese 1
- Erika 47169 Wehofer- 67
- Ernst 47169 Wehofer- 67
- Franz 47057 Fraunhofer- 11
- Hanna 47057 Fraunhofer- 11
- Heinz 47179 Schützenwiese 1
- Helene 47057 Nibelungen- 24
- Stefanie 47166 Droste-Hülshoff- 29
- Tobias 47137 Lösorter- 9
Rakowsky Anja 47167 Lehrer- 45
- Gisela 47249 Sittardsberger
Allee 35
- Harald 47249 Sittardsberger
Allee 35
- Rene 47269 Franziskus- 3
Raksa Augustin 47239 Bonert- 1
- Cornelia 47239 Bonert- 1
- Eberhard 47239 Bonert- 1
Rakusz Karoly 47166 Beecker- 246
Rakutt Karl 47249 Rahmer- 20
- Monika 47249 Rahmer- 20
Ram Buta 47053 Wörth- 4
Raman Sunil 47053 Wörth- 4
Rama Adam 47178 Max- 47
- Barbara 47178 Max- 47
- Frank 47053 Wörth- 4
- Jair 47167 Bietang- 5
Ramacher Anna
47229 Friedhofallee 13
- Anne-Margret
47259 Angerhauser- 98
- Annette 47057 Lothar- 292
- Bärbel 47228 Wachtel- 26
- Berta 47226 Beethoven- 5
- Christel 47279 Am Holderstrauch 2
- Dirk 47137 Nolde- 17
- Dorothea 47057 Lothar- 290
- Elfriede 47055 Düsseldorfer- 547
- Elfriede 47226 Friedrich-Alfred- 17
- Ellen 47179 Duisburger- 59
- Erich 47198 Duisburger- 54
- Erich 47198 Luisen- 47
- Friedhelm 47229 Friedhofallee 13
- Gertrud 47279 Holderstrauch 2
- Hedwig 47279 Am Kurt-Heintze- 45
- Heinrich 47279 Kurt-Heintze- 45
- Heinz 47198 Wilhelmallee 26
- Heinz 47279 Franz-Schubert- 2
- Ilse 47198 Wilhelmallee 26
- Ingeborg 47269 Uhlenbrocher
Weg 121
- Ingrid 47239 Böschhof 5
- Karsten 47226 Berta- 3
- Klaus 47279 Kurt-Heintze- 45
- Marcus 47058 Denkmal- 3
- Margarete 47229 Friedhofallee 13
- Maria 47167 Dahlbusch- 8a
- Maria 47229 Schlachthof- 3
- Michael 47226 Beethoven- 4
- Michael 47198 Wilhelmallee 26
- Michael 47279 Am Holderstrauch 3
- Mirko 47057 Lothar- 290
- Monika 47279 Am Weidengraben 4
- Nicole 47279 Am Holderstrauch 2
- Reinhard 47051 Mosel- 10
- Susanne 47259 Im Bonnefeld 3
- Susanne 47198 Wilhelmallee 26
- Tobias 47057 Lothar- 290
- Ute 47239 Moerser- 69
- Werner 47259 Angerhauser- 96
- Wilhelm 47259 Im Bonnefeld 3
- Wilhelm 47138 Dennemuitz- 15
- Wilhelm 47279 Schwarnhorst- 3
- Wolfgang 47058 Denkmal- 3
Ramacher-Klappenbach Brigitte
47198 Kaiser- 3
Gewerbebetriebe/Dienstleister nach Namen – siehe gelber Teil	A-DU
